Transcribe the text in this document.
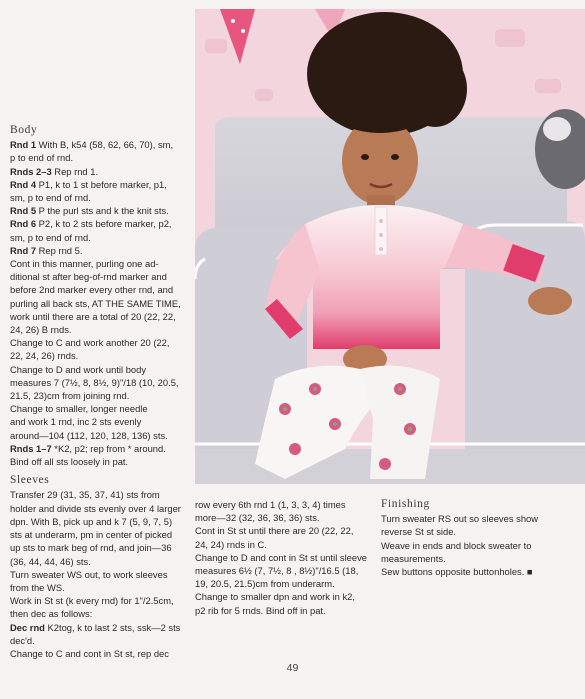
Body

Rnd 1 With B, k54 (58, 62, 66, 70), sm,

p to end of rnd.

Rnds 2–3 Rep rnd 1.

Rnd 4 P1, k to 1 st before marker, p1,

sm, p to end of rnd.

Rnd 5 P the purl sts and k the knit sts.

Rnd 6 P2, k to 2 sts before marker, p2,

sm, p to end of rnd.

Rnd 7 Rep rnd 5.

Cont in this manner, purling one ad-

ditional st after beg-of-rnd marker and

before 2nd marker every other rnd, and

purling all back sts, AT THE SAME TIME,

work until there are a total of 20 (22, 22,

24, 26) B rnds.

Change to C and work another 20 (22,

22, 24, 26) rnds.

Change to D and work until body

measures 7 (7½, 8, 8½, 9)"/18 (10, 20.5,

21.5, 23)cm from joining rnd.

Change to smaller, longer needle

and work 1 rnd, inc 2 sts evenly

around—104 (112, 120, 128, 136) sts.

Rnds 1–7 *K2, p2; rep from * around.

Bind off all sts loosely in pat.

Sleeves

Transfer 29 (31, 35, 37, 41) sts from

holder and divide sts evenly over 4 larger

dpn. With B, pick up and k 7 (5, 9, 7, 5)

sts at underarm, pm in center of picked

up sts to mark beg of rnd, and join—36

(36, 44, 44, 46) sts.

Turn sweater WS out, to work sleeves

from the WS.

Work in St st (k every rnd) for 1"/2.5cm,

then dec as follows:

Dec rnd K2tog, k to last 2 sts, ssk—2 sts

dec'd.

Change to C and cont in St st, rep dec

row every 6th rnd 1 (1, 3, 3, 4) times

more—32 (32, 36, 36, 36) sts.

Cont in St st until there are 20 (22, 22,

24, 24) rnds in C.

Change to D and cont in St st until sleeve

measures 6½ (7, 7½, 8 , 8½)"/16.5 (18,

19, 20.5, 21.5)cm from underarm.

Change to smaller dpn and work in k2,

p2 rib for 5 rnds. Bind off in pat.

Finishing

Turn sweater RS out so sleeves show

reverse St st side.

Weave in ends and block sweater to

measurements.

Sew buttons opposite buttonholes. ■

49
